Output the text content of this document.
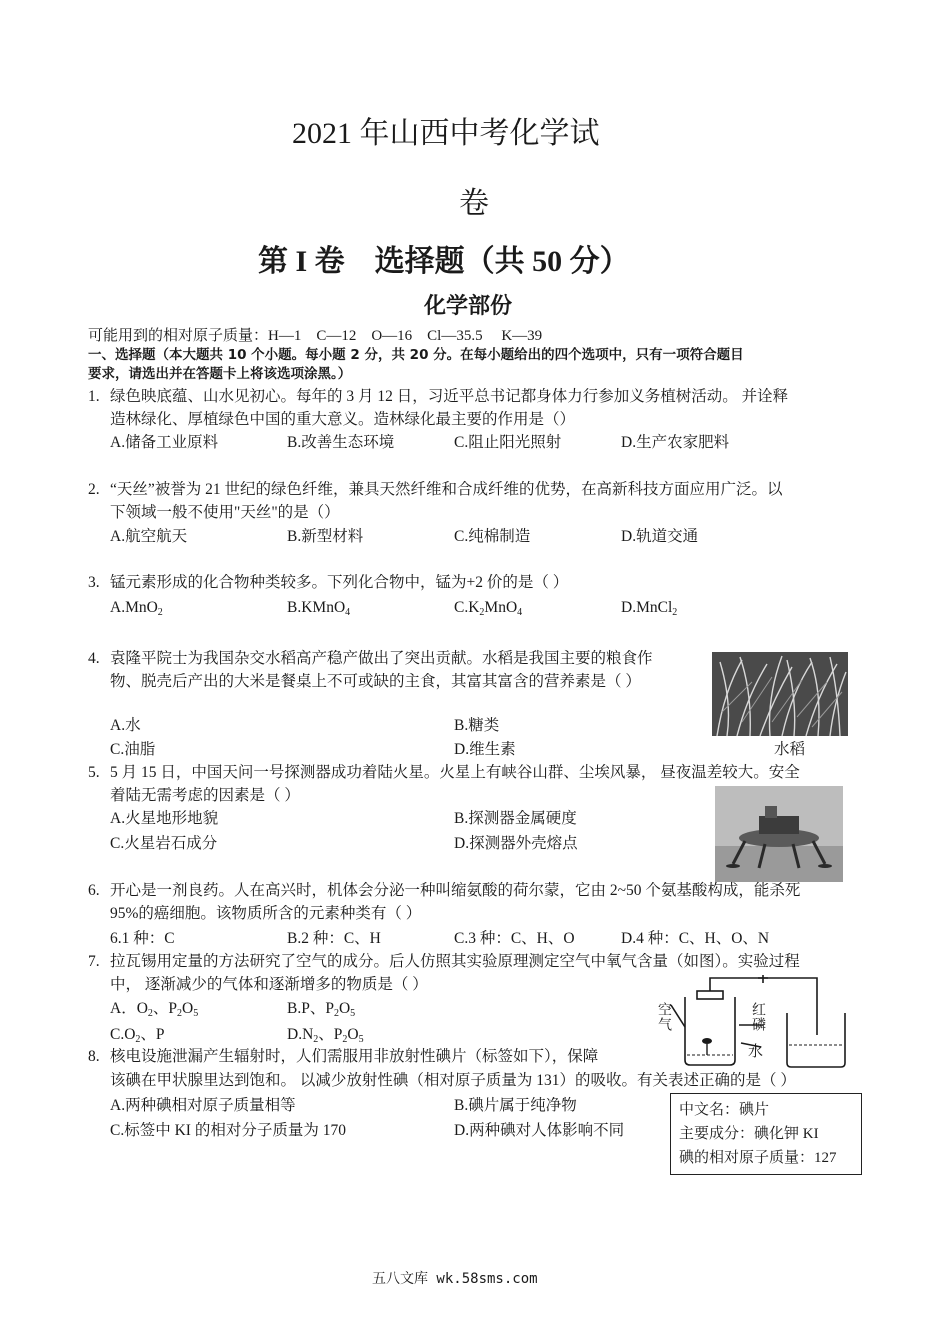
2021 年山西中考化学试
卷
第 I 卷　选择题（共 50 分）
化学部份
可能用到的相对原子质量：H—1　C—12　O—16　Cl—35.5　 K—39
一、选择题（本大题共 10 个小题。每小题 2 分，共 20 分。在每小题给出的四个选项中，只有一项符合题目
要求，请选出并在答题卡上将该选项涂黑。）
1. 绿色映底蕴、山水见初心。每年的 3 月 12 日，习近平总书记都身体力行参加义务植树活动。 并诠释
造林绿化、厚植绿色中国的重大意义。造林绿化最主要的作用是（）
A.储备工业原料	B.改善生态环境	C.阻止阳光照射	D.生产农家肥料
2. “天丝”被誉为 21 世纪的绿色纤维，兼具天然纤维和合成纤维的优势，在高新科技方面应用广泛。以
下领域一般不使用"天丝"的是（）
A.航空航天	B.新型材料	C.纯棉制造	D.轨道交通
3. 锰元素形成的化合物种类较多。下列化合物中，锰为+2 价的是（ ）
A.MnO$_2$	B.KMnO$_4$	$C.K_2MnO_4$	D.MnCl$_2$
4. 袁隆平院士为我国杂交水稻高产稳产做出了突出贡献。水稻是我国主要的粮食作
物、脱壳后产出的大米是餐桌上不可或缺的主食，其富其富含的营养素是（ ）
A.水	B.糖类
C.油脂	D.维生素	水稻
5. 5 月 15 日，中国天问一号探测器成功着陆火星。火星上有峡谷山群、尘埃风暴， 昼夜温差较大。安全
着陆无需考虑的因素是（ ）
A.火星地形地貌	B.探测器金属硬度
C.火星岩石成分	D.探测器外壳熔点
6. 开心是一剂良药。人在高兴时，机体会分泌一种叫缩氨酸的荷尔蒙，它由 2~50 个氨基酸构成，能杀死
95%的癌细胞。该物质所含的元素种类有（ ）
6.1 种：C	B.2 种：C、H	C.3 种：C、H、O	D.4 种：C、H、O、N
7. 拉瓦锡用定量的方法研究了空气的成分。后人仿照其实验原理测定空气中氧气含量（如图）。实验过程
中， 逐渐减少的气体和逐渐增多的物质是（ ）
A．$O_2$、$P_2O_5$	B.P、$P_2O_5$
$C.O_2$、P	$D.N_2$、$P_2O_5$
空气	红磷
水
8. 核电设施泄漏产生辐射时，人们需服用非放射性碘片（标签如下），保障
该碘在甲状腺里达到饱和。 以减少放射性碘（相对原子质量为 131）的吸收。有关表述正确的是（ ）
A.两种碘相对原子质量相等	B.碘片属于纯净物
C.标签中 KI 的相对分子质量为 170	D.两种碘对人体影响不同
中文名：碘片
主要成分：碘化钾 KI
碘的相对原子质量：127
五八文库 wk.58sms.com
